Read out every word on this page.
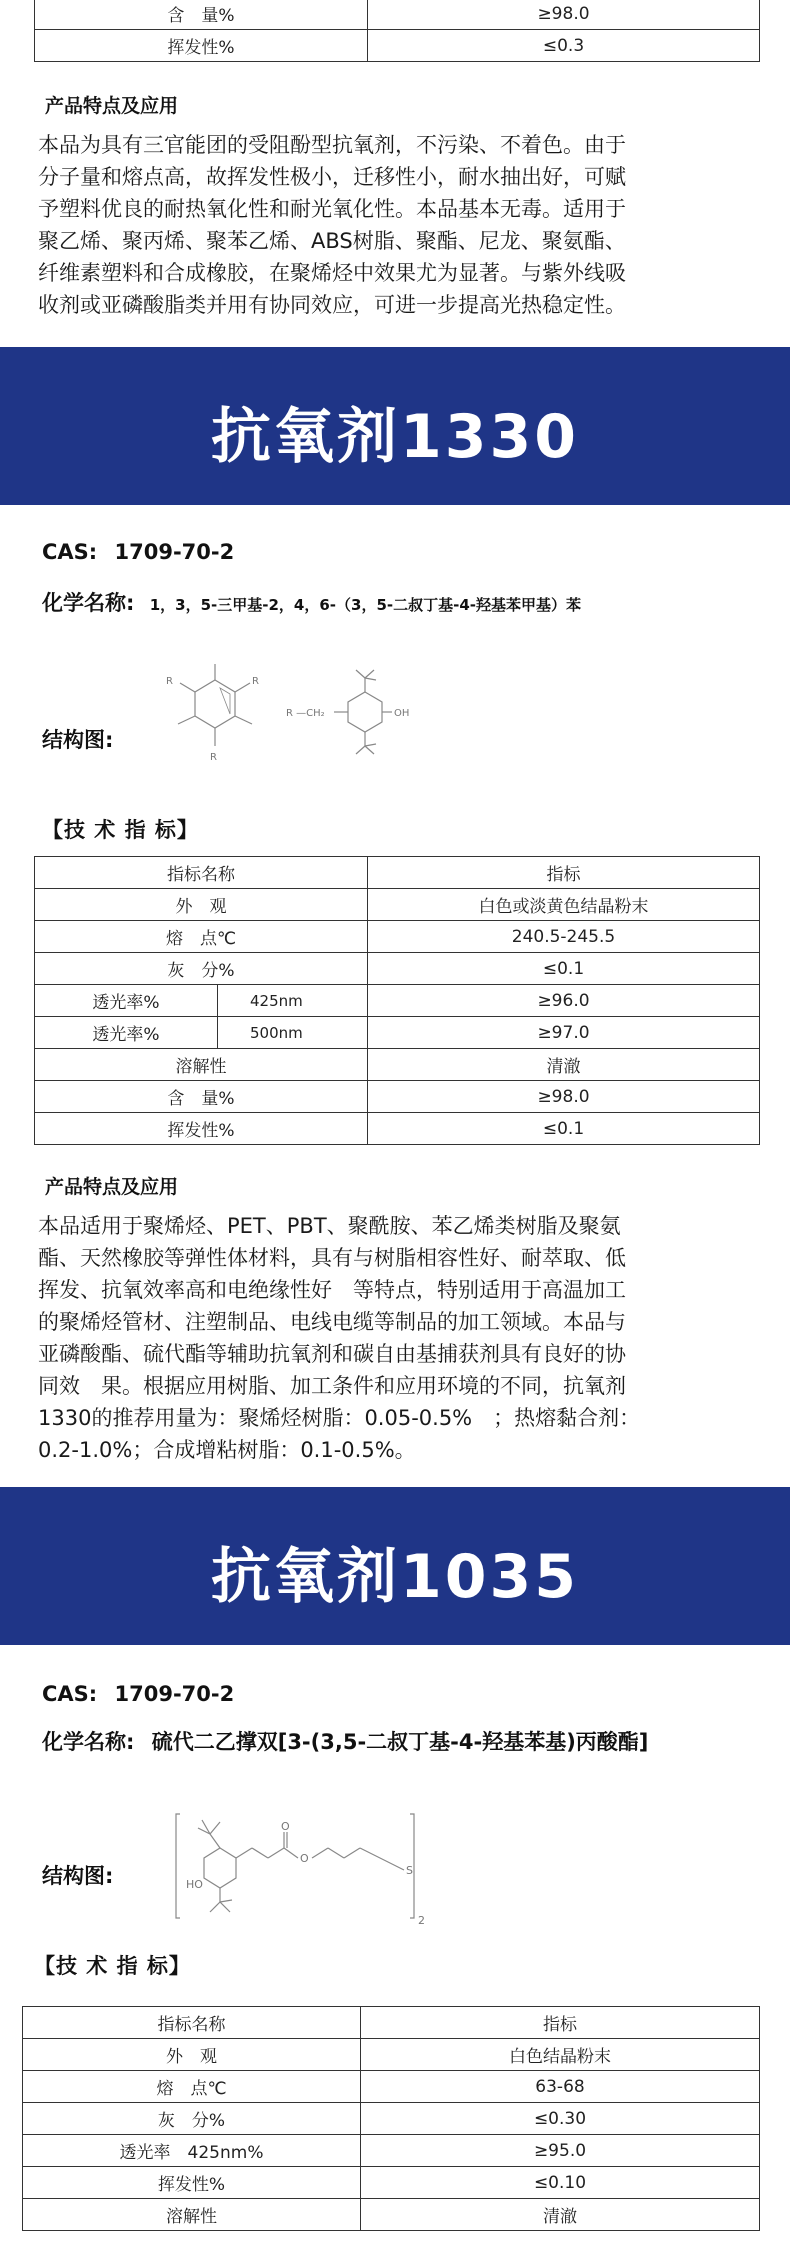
含　量%	≥98.0
挥发性%	≤0.3
产品特点及应用
本品为具有三官能团的受阻酚型抗氧剂，不污染、不着色。由于
分子量和熔点高，故挥发性极小，迁移性小，耐水抽出好，可赋
予塑料优良的耐热氧化性和耐光氧化性。本品基本无毒。适用于
聚乙烯、聚丙烯、聚苯乙烯、ABS树脂、聚酯、尼龙、聚氨酯、
纤维素塑料和合成橡胶，在聚烯烃中效果尤为显著。与紫外线吸
收剂或亚磷酸脂类并用有协同效应，可进一步提高光热稳定性。
抗氧剂1330
CAS: 1709-70-2
化学名称: 1，3，5-三甲基-2，4，6-（3，5-二叔丁基-4-羟基苯甲基）苯
结构图:
R	R
R
R —CH₂	OH
【技 术 指 标】
指标名称		指标
外　观		白色或淡黄色结晶粉末
熔　点℃		240.5-245.5
灰　分%		≤0.1
透光率%	425nm	≥96.0
透光率%	500nm	≥97.0
溶解性		清澈
含　量%		≥98.0
挥发性%		≤0.1
产品特点及应用
本品适用于聚烯烃、PET、PBT、聚酰胺、苯乙烯类树脂及聚氨
酯、天然橡胶等弹性体材料，具有与树脂相容性好、耐萃取、低
挥发、抗氧效率高和电绝缘性好　等特点，特别适用于高温加工
的聚烯烃管材、注塑制品、电线电缆等制品的加工领域。本品与
亚磷酸酯、硫代酯等辅助抗氧剂和碳自由基捕获剂具有良好的协
同效　果。根据应用树脂、加工条件和应用环境的不同，抗氧剂
1330的推荐用量为：聚烯烃树脂：0.05-0.5%　；热熔黏合剂：
0.2-1.0%；合成增粘树脂：0.1-0.5%。
抗氧剂1035
CAS: 1709-70-2
化学名称: 硫代二乙撑双[3-(3,5-二叔丁基-4-羟基苯基)丙酸酯]
结构图:	HO
O
O
S
2
【技 术 指 标】
指标名称	指标
外　观	白色结晶粉末
熔　点℃	63-68
灰　分%	≤0.30
透光率　425nm%	≥95.0
挥发性%	≤0.10
溶解性	清澈
